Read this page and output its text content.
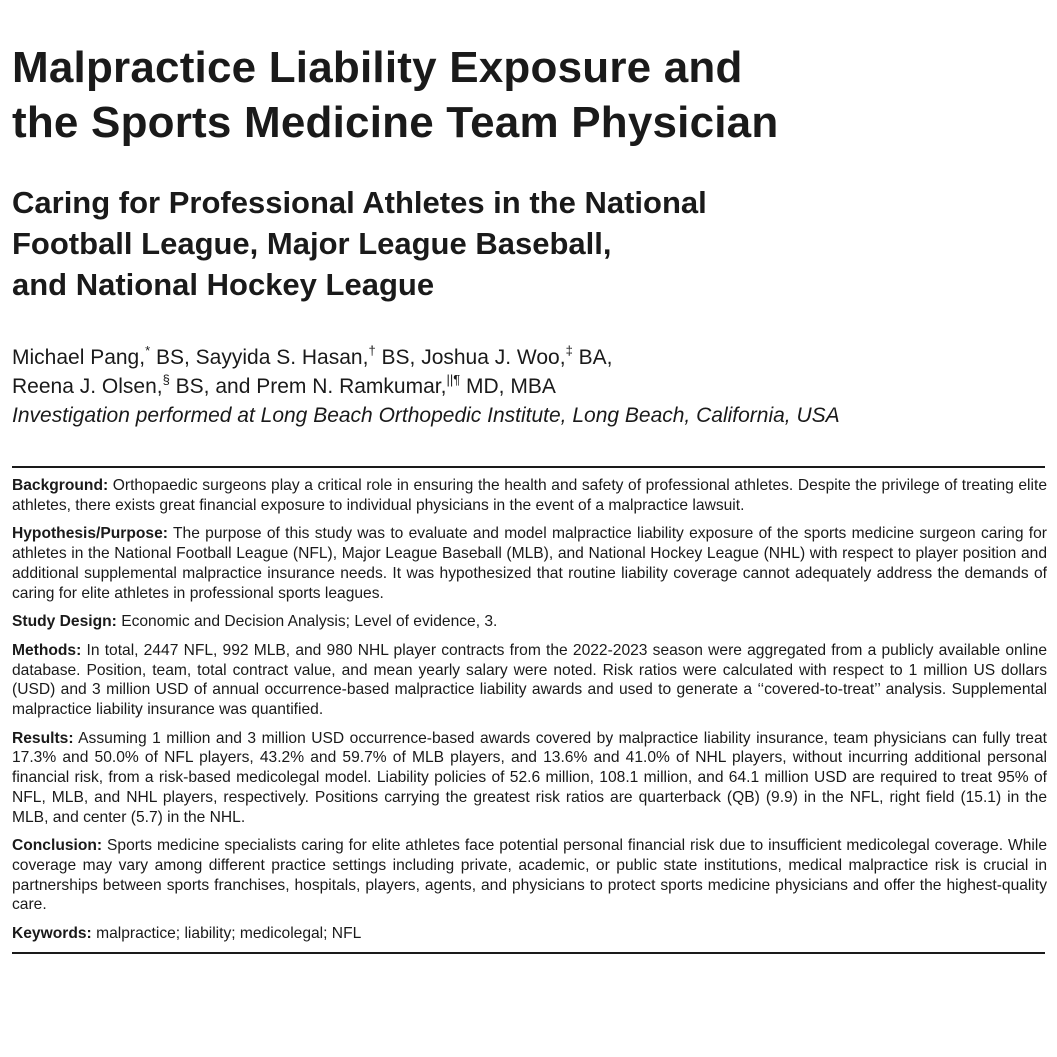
Malpractice Liability Exposure and
the Sports Medicine Team Physician
Caring for Professional Athletes in the National
Football League, Major League Baseball,
and National Hockey League
Michael Pang,* BS, Sayyida S. Hasan,† BS, Joshua J. Woo,‡ BA,
Reena J. Olsen,§ BS, and Prem N. Ramkumar,||¶ MD, MBA
Investigation performed at Long Beach Orthopedic Institute, Long Beach, California, USA

Background: Orthopaedic surgeons play a critical role in ensuring the health and safety of professional athletes. Despite the privilege of treating elite athletes, there exists great financial exposure to individual physicians in the event of a malpractice lawsuit.

Hypothesis/Purpose: The purpose of this study was to evaluate and model malpractice liability exposure of the sports medicine surgeon caring for athletes in the National Football League (NFL), Major League Baseball (MLB), and National Hockey League (NHL) with respect to player position and additional supplemental malpractice insurance needs. It was hypothesized that routine liability coverage cannot adequately address the demands of caring for elite athletes in professional sports leagues.

Study Design: Economic and Decision Analysis; Level of evidence, 3.

Methods: In total, 2447 NFL, 992 MLB, and 980 NHL player contracts from the 2022-2023 season were aggregated from a publicly available online database. Position, team, total contract value, and mean yearly salary were noted. Risk ratios were calculated with respect to 1 million US dollars (USD) and 3 million USD of annual occurrence-based malpractice liability awards and used to generate a ‘‘covered-to-treat’’ analysis. Supplemental malpractice liability insurance was quantified.

Results: Assuming 1 million and 3 million USD occurrence-based awards covered by malpractice liability insurance, team physicians can fully treat 17.3% and 50.0% of NFL players, 43.2% and 59.7% of MLB players, and 13.6% and 41.0% of NHL players, without incurring additional personal financial risk, from a risk-based medicolegal model. Liability policies of 52.6 million, 108.1 million, and 64.1 million USD are required to treat 95% of NFL, MLB, and NHL players, respectively. Positions carrying the greatest risk ratios are quarterback (QB) (9.9) in the NFL, right field (15.1) in the MLB, and center (5.7) in the NHL.

Conclusion: Sports medicine specialists caring for elite athletes face potential personal financial risk due to insufficient medicolegal coverage. While coverage may vary among different practice settings including private, academic, or public state institutions, medical malpractice risk is crucial in partnerships between sports franchises, hospitals, players, agents, and physicians to protect sports medicine physicians and offer the highest-quality care.

Keywords: malpractice; liability; medicolegal; NFL
